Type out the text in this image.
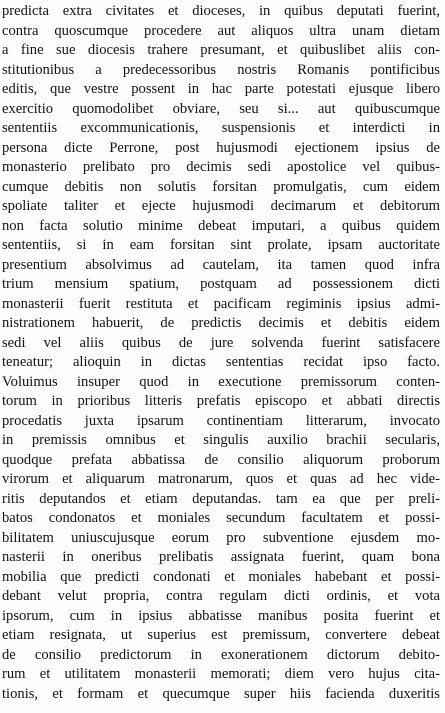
predicta extra civitates et dioceses, in quibus deputati fuerint,
contra quoscumque procedere aut aliquos ultra unam dietam
a fine sue diocesis trahere presumant, et quibuslibet aliis con-
stitutionibus a predecessoribus nostris Romanis pontificibus
editis, que vestre possent in hac parte potestati ejusque libero
exercitio quomodolibet obviare, seu si... aut quibuscumque
sententiis excommunicationis, suspensionis et interdicti in
persona dicte Perrone, post hujusmodi ejectionem ipsius de
monasterio prelibato pro decimis sedi apostolice vel quibus-
cumque debitis non solutis forsitan promulgatis, cum eidem
spoliate taliter et ejecte hujusmodi decimarum et debitorum
non facta solutio minime debeat imputari, a quibus quidem
sententiis, si in eam forsitan sint prolate, ipsam auctoritate
presentium absolvimus ad cautelam, ita tamen quod infra
trium mensium spatium, postquam ad possessionem dicti
monasterii fuerit restituta et pacificam regiminis ipsius admi-
nistrationem habuerit, de predictis decimis et debitis eidem
sedi vel aliis quibus de jure solvenda fuerint satisfacere
teneatur; alioquin in dictas sententias recidat ipso facto.
Voluimus insuper quod in executione premissorum conten-
torum in prioribus litteris prefatis episcopo et abbati directis
procedatis juxta ipsarum continentiam litterarum, invocato
in premissis omnibus et singulis auxilio brachii secularis,
quodque prefata abbatissa de consilio aliquorum proborum
virorum et aliquarum matronarum, quos et quas ad hec vide-
ritis deputandos et etiam deputandas. tam ea que per preli-
batos condonatos et moniales secundum facultatem et possi-
bilitatem uniuscujusque eorum pro subventione ejusdem mo-
nasterii in oneribus prelibatis assignata fuerint, quam bona
mobilia que predicti condonati et moniales habebant et possi-
debant velut propria, contra regulam dicti ordinis, et vota
ipsorum, cum in ipsius abbatisse manibus posita fuerint et
etiam resignata, ut superius est premissum, convertere debeat
de consilio predictorum in exonerationem dictorum debito-
rum et utilitatem monasterii memorati; diem vero hujus cita-
tionis, et formam et quecumque super hiis facienda duxeritis
